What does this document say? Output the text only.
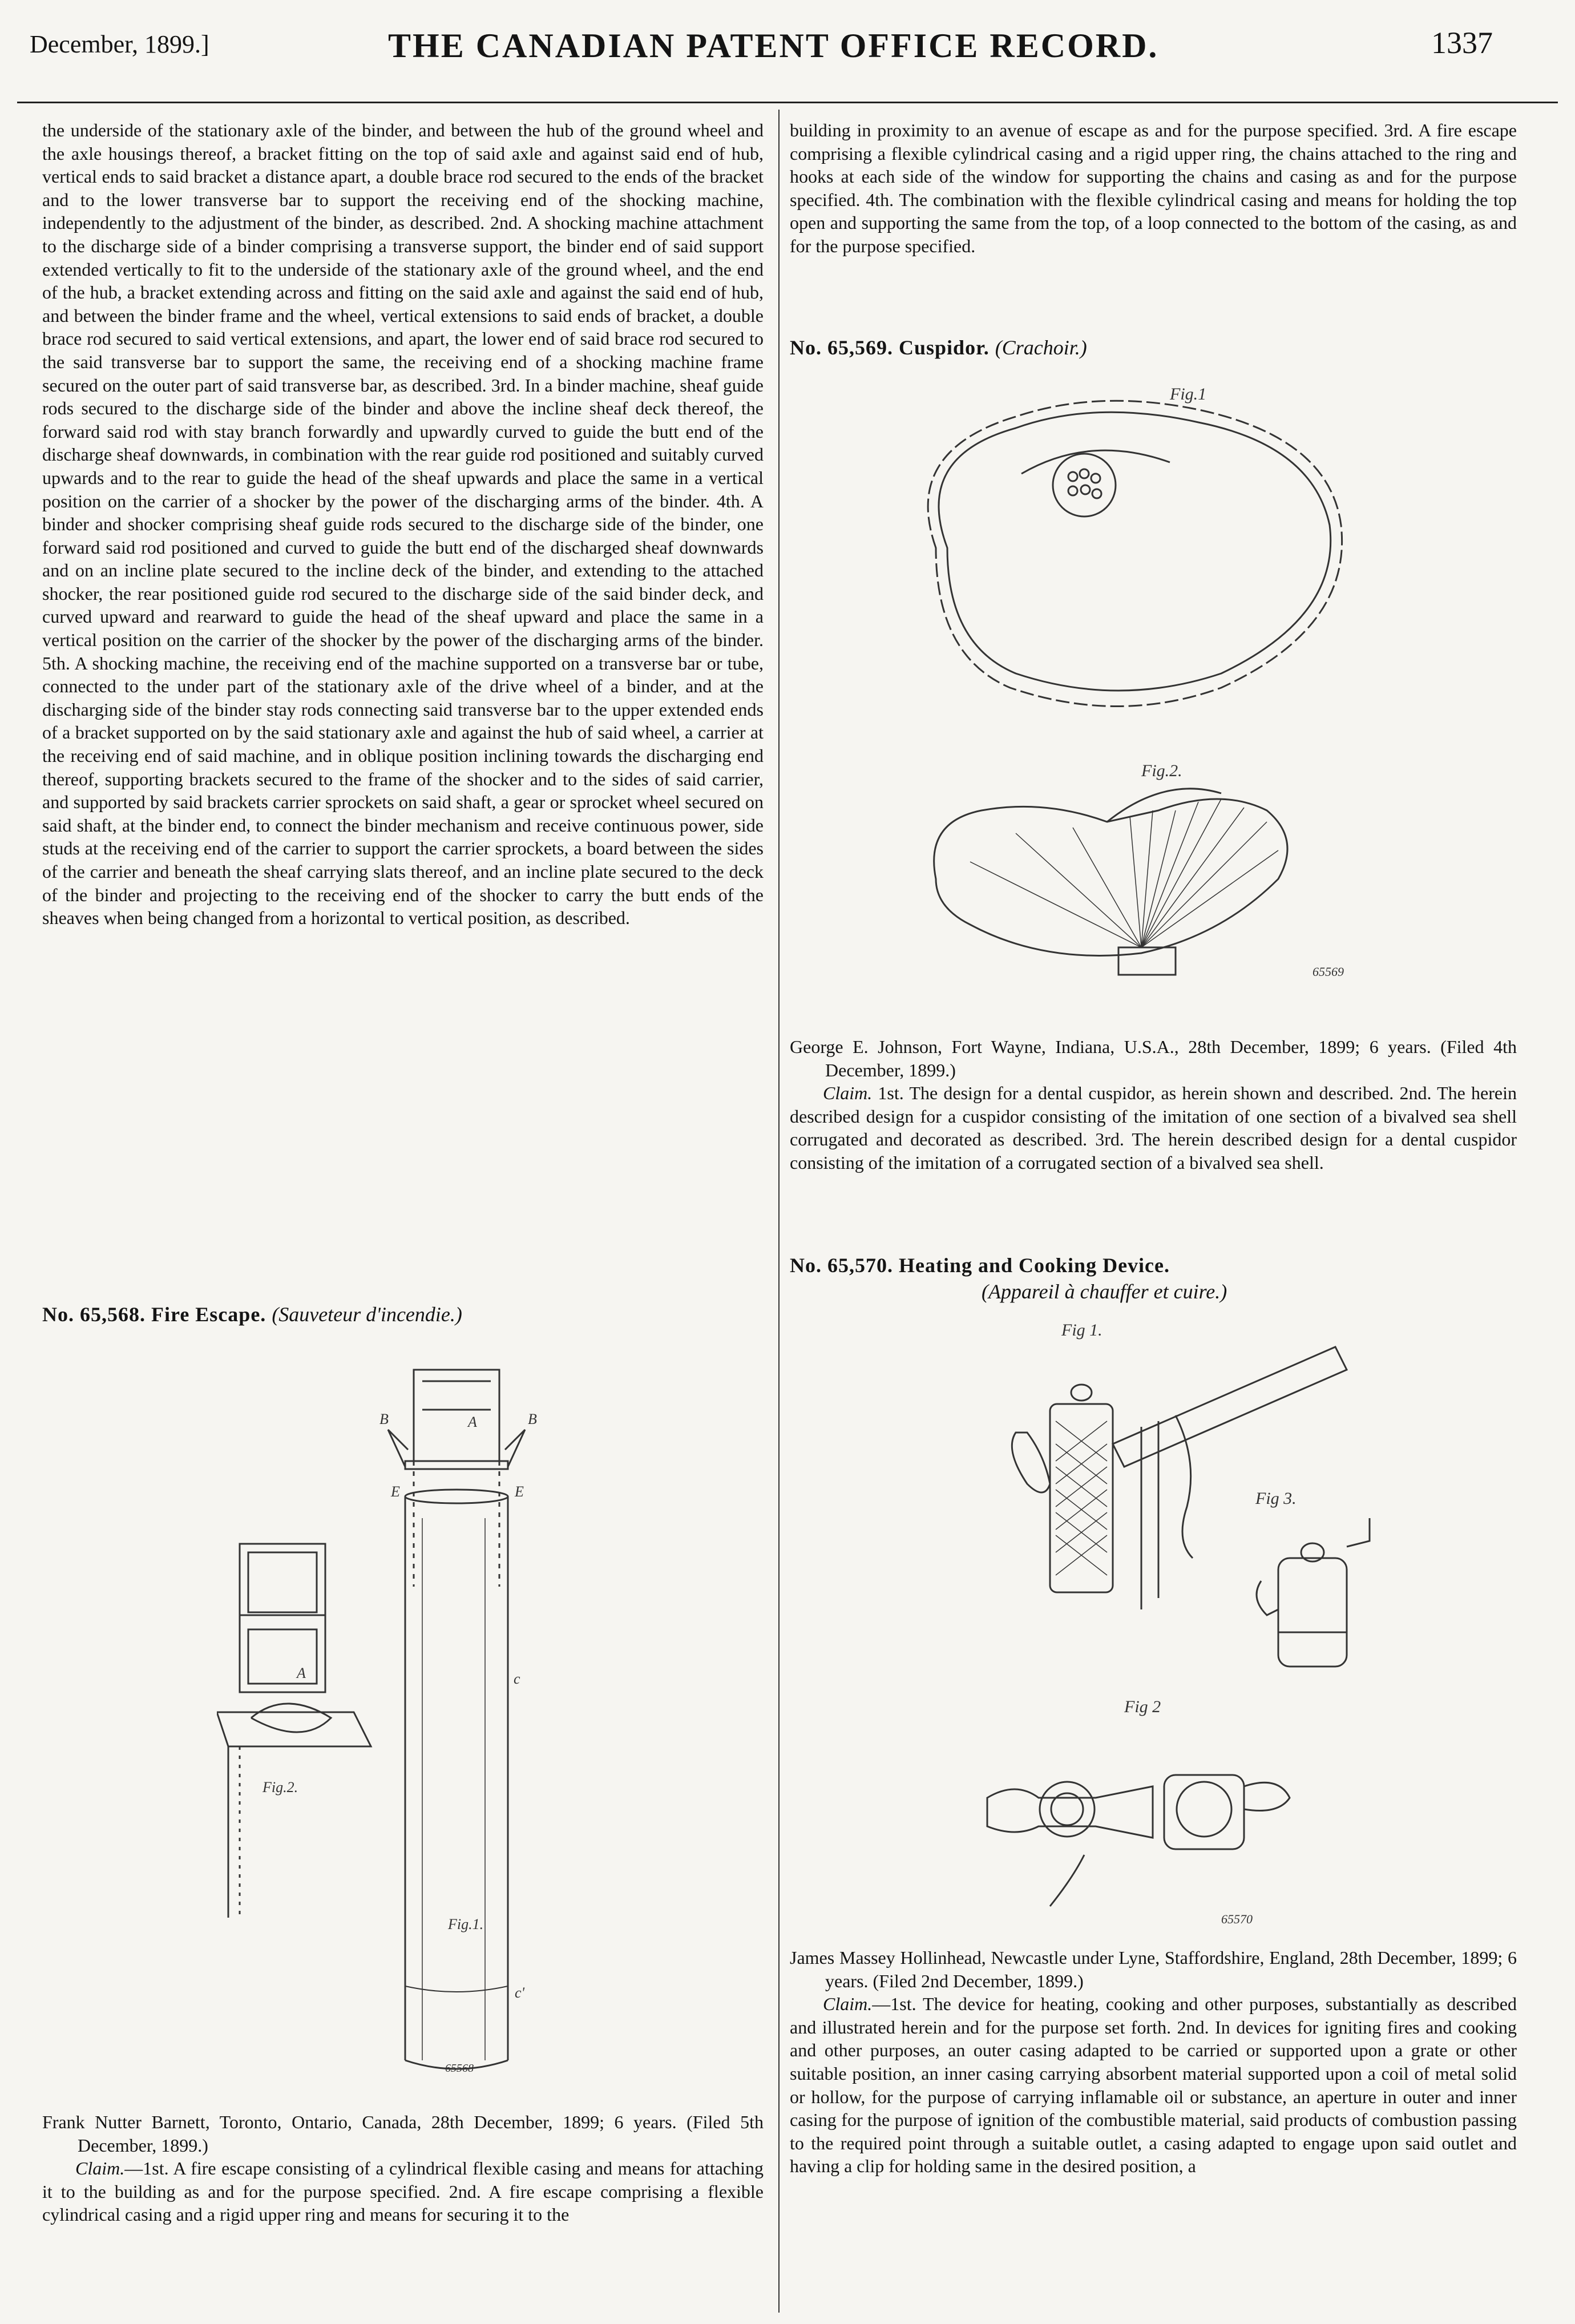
December, 1899.]	THE CANADIAN PATENT OFFICE RECORD.	1337

the underside of the stationary axle of the binder, and between the hub of the ground wheel and the axle housings thereof, a bracket fitting on the top of said axle and against said end of hub, vertical ends to said bracket a distance apart, a double brace rod secured to the ends of the bracket and to the lower transverse bar to support the receiving end of the shocking machine, independently to the adjustment of the binder, as described. 2nd. A shocking machine attachment to the discharge side of a binder comprising a transverse support, the binder end of said support extended vertically to fit to the underside of the stationary axle of the ground wheel, and the end of the hub, a bracket extending across and fitting on the said axle and against the said end of hub, and between the binder frame and the wheel, vertical extensions to said ends of bracket, a double brace rod secured to said vertical extensions, and apart, the lower end of said brace rod secured to the said transverse bar to support the same, the receiving end of a shocking machine frame secured on the outer part of said transverse bar, as described. 3rd. In a binder machine, sheaf guide rods secured to the discharge side of the binder and above the incline sheaf deck thereof, the forward said rod with stay branch forwardly and upwardly curved to guide the butt end of the discharge sheaf downwards, in combination with the rear guide rod positioned and suitably curved upwards and to the rear to guide the head of the sheaf upwards and place the same in a vertical position on the carrier of a shocker by the power of the discharging arms of the binder. 4th. A binder and shocker comprising sheaf guide rods secured to the discharge side of the binder, one forward said rod positioned and curved to guide the butt end of the discharged sheaf downwards and on an incline plate secured to the incline deck of the binder, and extending to the attached shocker, the rear positioned guide rod secured to the discharge side of the said binder deck, and curved upward and rearward to guide the head of the sheaf upward and place the same in a vertical position on the carrier of the shocker by the power of the discharging arms of the binder. 5th. A shocking machine, the receiving end of the machine supported on a transverse bar or tube, connected to the under part of the stationary axle of the drive wheel of a binder, and at the discharging side of the binder stay rods connecting said transverse bar to the upper extended ends of a bracket supported on by the said stationary axle and against the hub of said wheel, a carrier at the receiving end of said machine, and in oblique position inclining towards the discharging end thereof, supporting brackets secured to the frame of the shocker and to the sides of said carrier, and supported by said brackets carrier sprockets on said shaft, a gear or sprocket wheel secured on said shaft, at the binder end, to connect the binder mechanism and receive continuous power, side studs at the receiving end of the carrier to support the carrier sprockets, a board between the sides of the carrier and beneath the sheaf carrying slats thereof, and an incline plate secured to the deck of the binder and projecting to the receiving end of the shocker to carry the butt ends of the sheaves when being changed from a horizontal to vertical position, as described.

No. 65,568. Fire Escape. (Sauveteur d'incendie.)
Fig.1.
Fig.2.
65568
A
A
B	B
E	E
c
c'

Frank Nutter Barnett, Toronto, Ontario, Canada, 28th December, 1899; 6 years. (Filed 5th December, 1899.)

Claim.—1st. A fire escape consisting of a cylindrical flexible casing and means for attaching it to the building as and for the purpose specified. 2nd. A fire escape comprising a flexible cylindrical casing and a rigid upper ring and means for securing it to the

building in proximity to an avenue of escape as and for the purpose specified. 3rd. A fire escape comprising a flexible cylindrical casing and a rigid upper ring, the chains attached to the ring and hooks at each side of the window for supporting the chains and casing as and for the purpose specified. 4th. The combination with the flexible cylindrical casing and means for holding the top open and supporting the same from the top, of a loop connected to the bottom of the casing, as and for the purpose specified.

No. 65,569. Cuspidor. (Crachoir.)
Fig.1
Fig.2.
65569

George E. Johnson, Fort Wayne, Indiana, U.S.A., 28th December, 1899; 6 years. (Filed 4th December, 1899.)

Claim. 1st. The design for a dental cuspidor, as herein shown and described. 2nd. The herein described design for a cuspidor consisting of the imitation of one section of a bivalved sea shell corrugated and decorated as described. 3rd. The herein described design for a dental cuspidor consisting of the imitation of a corrugated section of a bivalved sea shell.

No. 65,570. Heating and Cooking Device.
(Appareil à chauffer et cuire.)
Fig 1.
Fig 3.
Fig 2
65570

James Massey Hollinhead, Newcastle under Lyne, Staffordshire, England, 28th December, 1899; 6 years. (Filed 2nd December, 1899.)

Claim.—1st. The device for heating, cooking and other purposes, substantially as described and illustrated herein and for the purpose set forth. 2nd. In devices for igniting fires and cooking and other purposes, an outer casing adapted to be carried or supported upon a grate or other suitable position, an inner casing carrying absorbent material supported upon a coil of metal solid or hollow, for the purpose of carrying inflamable oil or substance, an aperture in outer and inner casing for the purpose of ignition of the combustible material, said products of combustion passing to the required point through a suitable outlet, a casing adapted to engage upon said outlet and having a clip for holding same in the desired position, a
